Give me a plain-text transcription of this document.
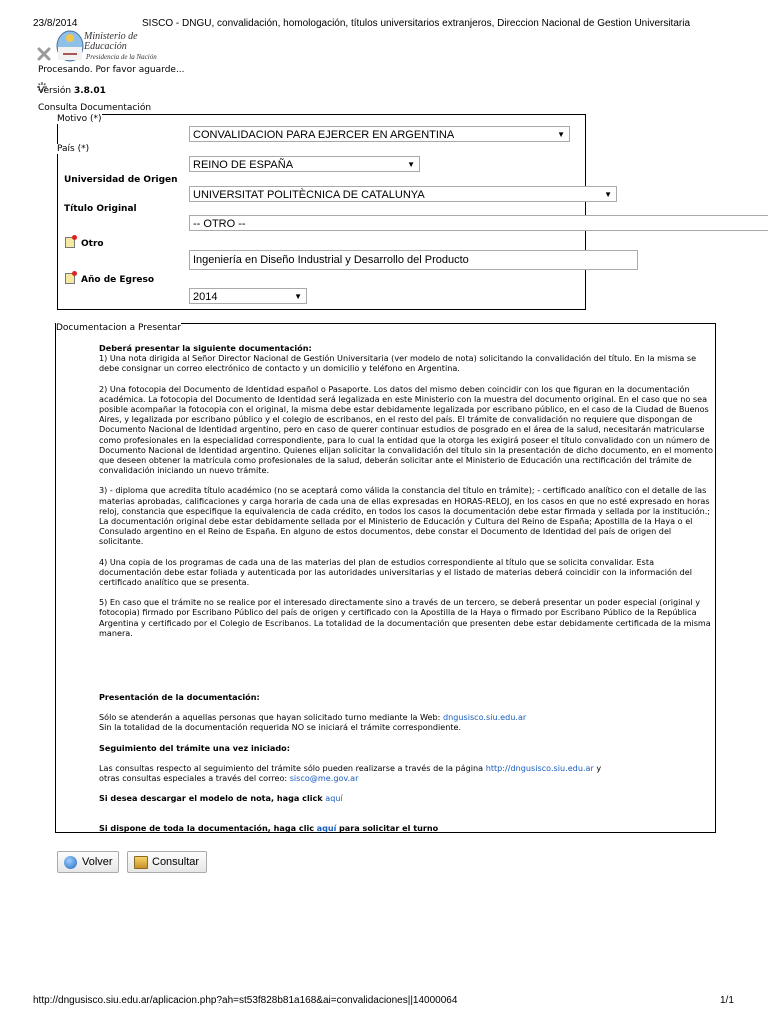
23/8/2014	SISCO - DNGU, convalidación, homologación, títulos universitarios extranjeros, Direccion Nacional de Gestion Universitaria
Ministerio de
Educación
Presidencia de la Nación
Procesando. Por favor aguarde...
Versión 3.8.01
Consulta Documentación
Motivo (*)
CONVALIDACION PARA EJERCER EN ARGENTINA	▼
País (*)
REINO DE ESPAÑA	▼
Universidad de Origen
UNIVERSITAT POLITÈCNICA DE CATALUNYA	▼
Título Original
-- OTRO --
Otro
Ingeniería en Diseño Industrial y Desarrollo del Producto
Año de Egreso
2014	▼
Documentacion a Presentar

Deberá presentar la siguiente documentación:

1) Una nota dirigida al Señor Director Nacional de Gestión Universitaria (ver modelo de nota) solicitando la convalidación del título. En la misma se debe consignar un correo electrónico de contacto y un domicilio y teléfono en Argentina.

2) Una fotocopia del Documento de Identidad español o Pasaporte. Los datos del mismo deben coincidir con los que figuran en la documentación académica. La fotocopia del Documento de Identidad será legalizada en este Ministerio con la muestra del documento original. En el caso que no sea posible acompañar la fotocopia con el original, la misma debe estar debidamente legalizada por escribano público, en el caso de la Ciudad de Buenos Aires, y legalizada por escribano público y el colegio de escribanos, en el resto del país. El trámite de convalidación no requiere que dispongan de Documento Nacional de Identidad argentino, pero en caso de querer continuar estudios de posgrado en el área de la salud, necesitarán matricularse como profesionales en la especialidad correspondiente, para lo cual la entidad que la otorga les exigirá poseer el título convalidado con un número de Documento Nacional de Identidad argentino. Quienes elijan solicitar la convalidación del título sin la presentación de dicho documento, en el momento que deseen obtener la matrícula como profesionales de la salud, deberán solicitar ante el Ministerio de Educación una rectificación del trámite de convalidación iniciando un nuevo trámite.

3) - diploma que acredita título académico (no se aceptará como válida la constancia del título en trámite); - certificado analítico con el detalle de las materias aprobadas, calificaciones y carga horaria de cada una de ellas expresadas en HORAS-RELOJ, en los casos en que no esté expresado en horas reloj, constancia que especifique la equivalencia de cada crédito, en todos los casos la documentación debe estar firmada y sellada por la institución.; La documentación original debe estar debidamente sellada por el Ministerio de Educación y Cultura del Reino de España; Apostilla de la Haya o el Consulado argentino en el Reino de España. En alguno de estos documentos, debe constar el Documento de Identidad del país de origen del solicitante.

4) Una copia de los programas de cada una de las materias del plan de estudios correspondiente al título que se solicita convalidar. Esta documentación debe estar foliada y autenticada por las autoridades universitarias y el listado de materias deberá coincidir con la información del certificado analítico que se presenta.

5) En caso que el trámite no se realice por el interesado directamente sino a través de un tercero, se deberá presentar un poder especial (original y fotocopia) firmado por Escribano Público del país de origen y certificado con la Apostilla de la Haya o firmado por Escribano Público de la República Argentina y certificado por el Colegio de Escribanos. La totalidad de la documentación que presenten debe estar debidamente certificada de la misma manera.

Presentación de la documentación:

Sólo se atenderán a aquellas personas que hayan solicitado turno mediante la Web: dngusisco.siu.edu.ar

Sin la totalidad de la documentación requerida NO se iniciará el trámite correspondiente.

Seguimiento del trámite una vez iniciado:

Las consultas respecto al seguimiento del trámite sólo pueden realizarse a través de la página http://dngusisco.siu.edu.ar y

otras consultas especiales a través del correo: sisco@me.gov.ar

Si desea descargar el modelo de nota, haga click aquí

Si dispone de toda la documentación, haga clic aquí para solicitar el turno

Volver	Consultar
http://dngusisco.siu.edu.ar/aplicacion.php?ah=st53f828b81a168&ai=convalidaciones||14000064	1/1
